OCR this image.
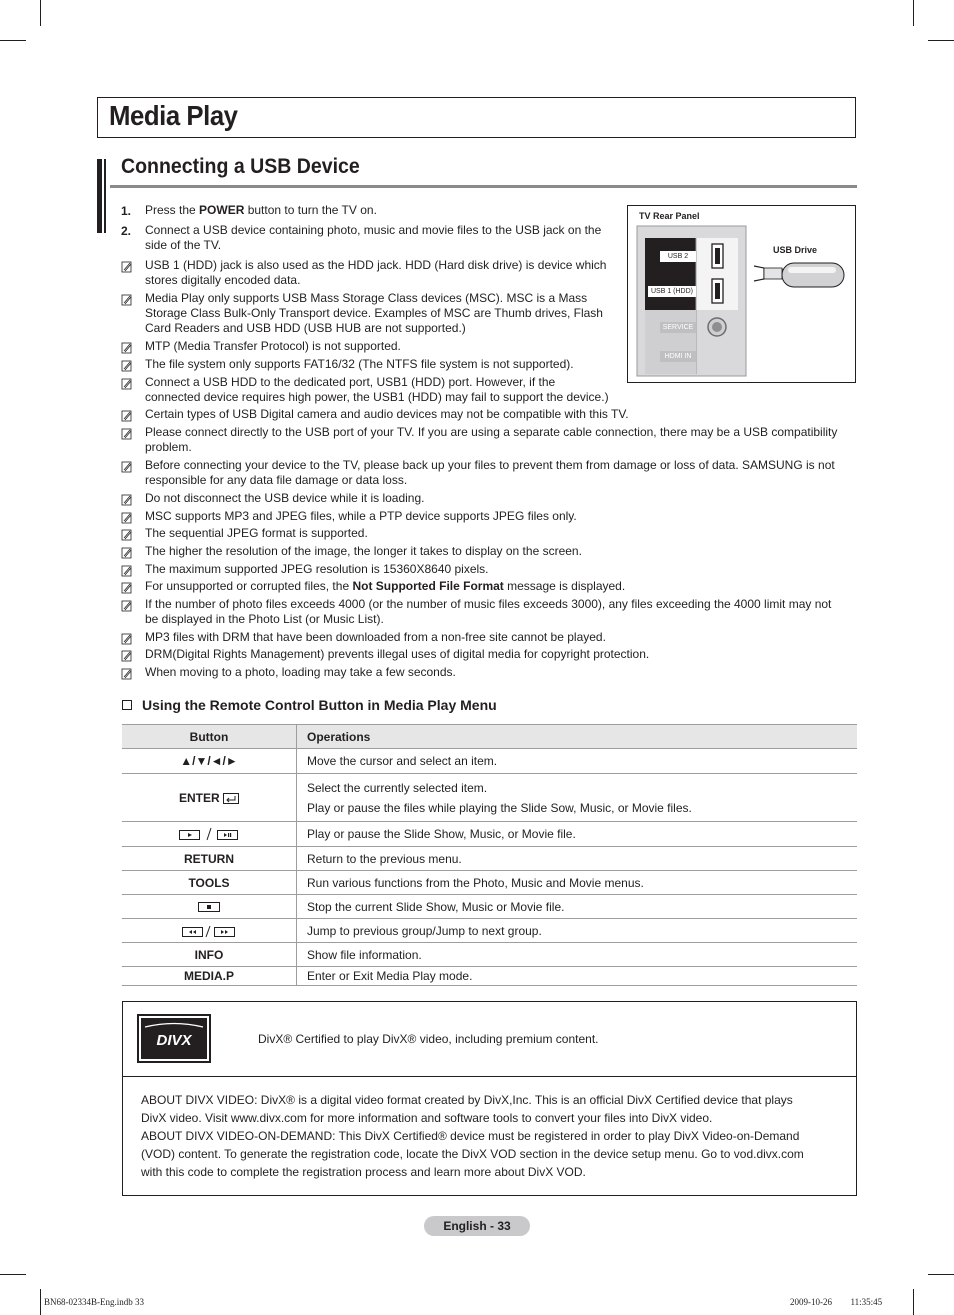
Media Play
Connecting a USB Device
1. Press the POWER button to turn the TV on.
2. Connect a USB device containing photo, music and movie files to the USB jack on the
side of the TV.
USB 1 (HDD) jack is also used as the HDD jack. HDD (Hard disk drive) is device which
stores digitally encoded data.
Media Play only supports USB Mass Storage Class devices (MSC). MSC is a Mass
Storage Class Bulk-Only Transport device. Examples of MSC are Thumb drives, Flash
Card Readers and USB HDD (USB HUB are not supported.)
MTP (Media Transfer Protocol) is not supported.
The file system only supports FAT16/32 (The NTFS file system is not supported).
Connect a USB HDD to the dedicated port, USB1 (HDD) port. However, if the
connected device requires high power, the USB1 (HDD) may fail to support the device.)
Certain types of USB Digital camera and audio devices may not be compatible with this TV.
Please connect directly to the USB port of your TV. If you are using a separate cable connection, there may be a USB compatibility
problem.
Before connecting your device to the TV, please back up your files to prevent them from damage or loss of data. SAMSUNG is not
responsible for any data file damage or data loss.
Do not disconnect the USB device while it is loading.
MSC supports MP3 and JPEG files, while a PTP device supports JPEG files only.
The sequential JPEG format is supported.
The higher the resolution of the image, the longer it takes to display on the screen.
The maximum supported JPEG resolution is 15360X8640 pixels.
If the number of photo files exceeds 4000 (or the number of music files exceeds 3000), any files exceeding the 4000 limit may not
be displayed in the Photo List (or Music List).
MP3 files with DRM that have been downloaded from a non-free site cannot be played.
DRM(Digital Rights Management) prevents illegal uses of digital media for copyright protection.
When moving to a photo, loading may take a few seconds.
For unsupported or corrupted files, the Not Supported File Format message is displayed.
TV Rear Panel
USB Drive
USB 2
USB 1 (HDD)
SERVICE
HDMI IN
Using the Remote Control Button in Media Play Menu
Button	Operations
▲/▼/◄/►	Move the cursor and select an item.
ENTER	Select the currently selected item.
Play or pause the files while playing the Slide Sow, Music, or Movie files.

	Play or pause the Slide Show, Music, or Movie file.
RETURN	Return to the previous menu.
TOOLS	Run various functions from the Photo, Music and Movie menus.
	Stop the current Slide Show, Music or Movie file.
	Jump to previous group/Jump to next group.
INFO	Show file information.
MEDIA.P	Enter or Exit Media Play mode.
DIVX	DivX® Certified to play DivX® video, including premium content.
ABOUT DIVX VIDEO: DivX® is a digital video format created by DivX,Inc. This is an official DivX Certified device that plays
DivX video. Visit www.divx.com for more information and software tools to convert your files into DivX video.
ABOUT DIVX VIDEO-ON-DEMAND: This DivX Certified® device must be registered in order to play DivX Video-on-Demand
(VOD) content. To generate the registration code, locate the DivX VOD section in the device setup menu. Go to vod.divx.com
with this code to complete the registration process and learn more about DivX VOD.
English - 33
BN68-02334B-Eng.indb 33	2009-10-26 ￿￿ 11:35:45
